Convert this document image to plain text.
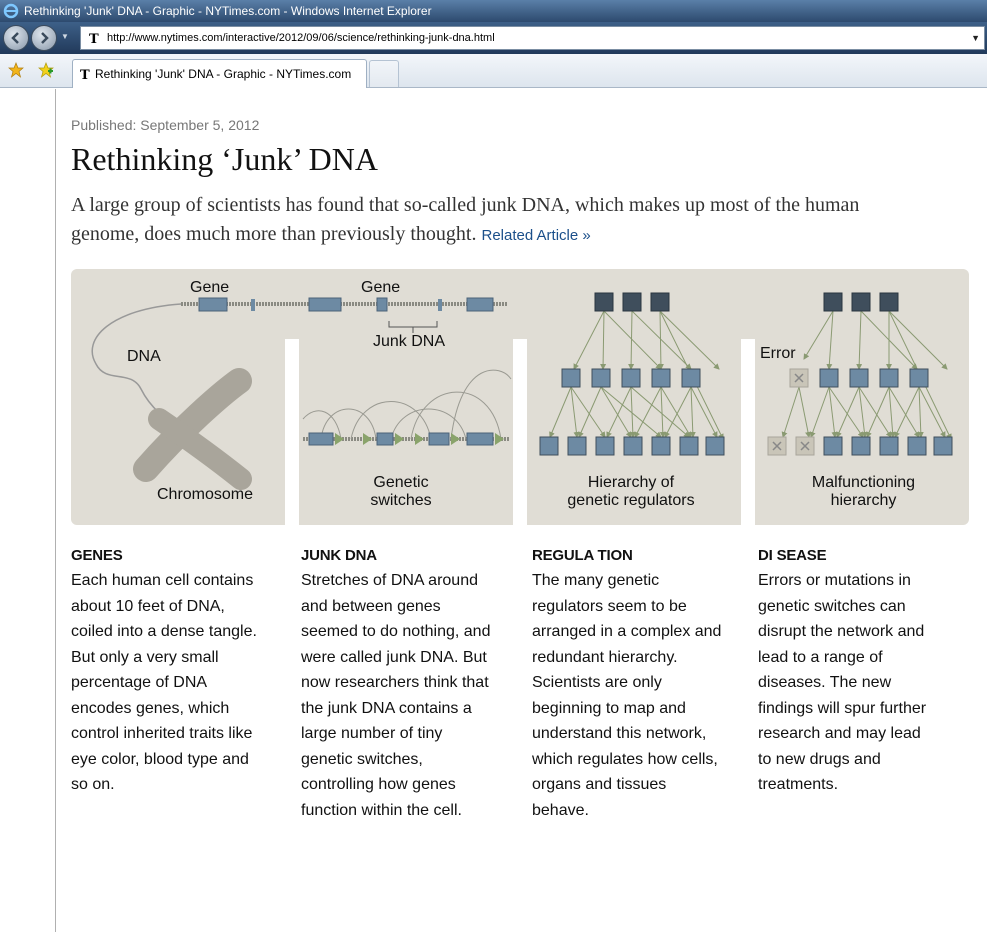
Rethinking 'Junk' DNA - Graphic - NYTimes.com - Windows Internet Explorer
▼ T http://www.nytimes.com/interactive/2012/09/06/science/rethinking-junk-dna.html	▼
T Rethinking 'Junk' DNA - Graphic - NYTimes.com
Published: September 5, 2012
Rethinking ‘Junk’ DNA
A large group of scientists has found that so-called junk DNA, which makes up most of the human genome, does much more than previously thought. Related Article »
Gene	Gene
DNA
Junk DNA
Chromosome
Genetic
switches
Hierarchy of
genetic regulators
Error
Malfunctioning
hierarchy
GENES

Each human cell contains about 10 feet of DNA, coiled into a dense tangle. But only a very small percentage of DNA encodes genes, which control inherited traits like eye color, blood type and so on.

JUNK DNA

Stretches of DNA around and between genes seemed to do nothing, and were called junk DNA. But now researchers think that the junk DNA contains a large number of tiny genetic switches, controlling how genes function within the cell.

REGULA TION

The many genetic regulators seem to be arranged in a complex and redundant hierarchy. Scientists are only beginning to map and understand this network, which regulates how cells, organs and tissues behave.

DI SEASE

Errors or mutations in genetic switches can disrupt the network and lead to a range of diseases. The new findings will spur further research and may lead to new drugs and treatments.
